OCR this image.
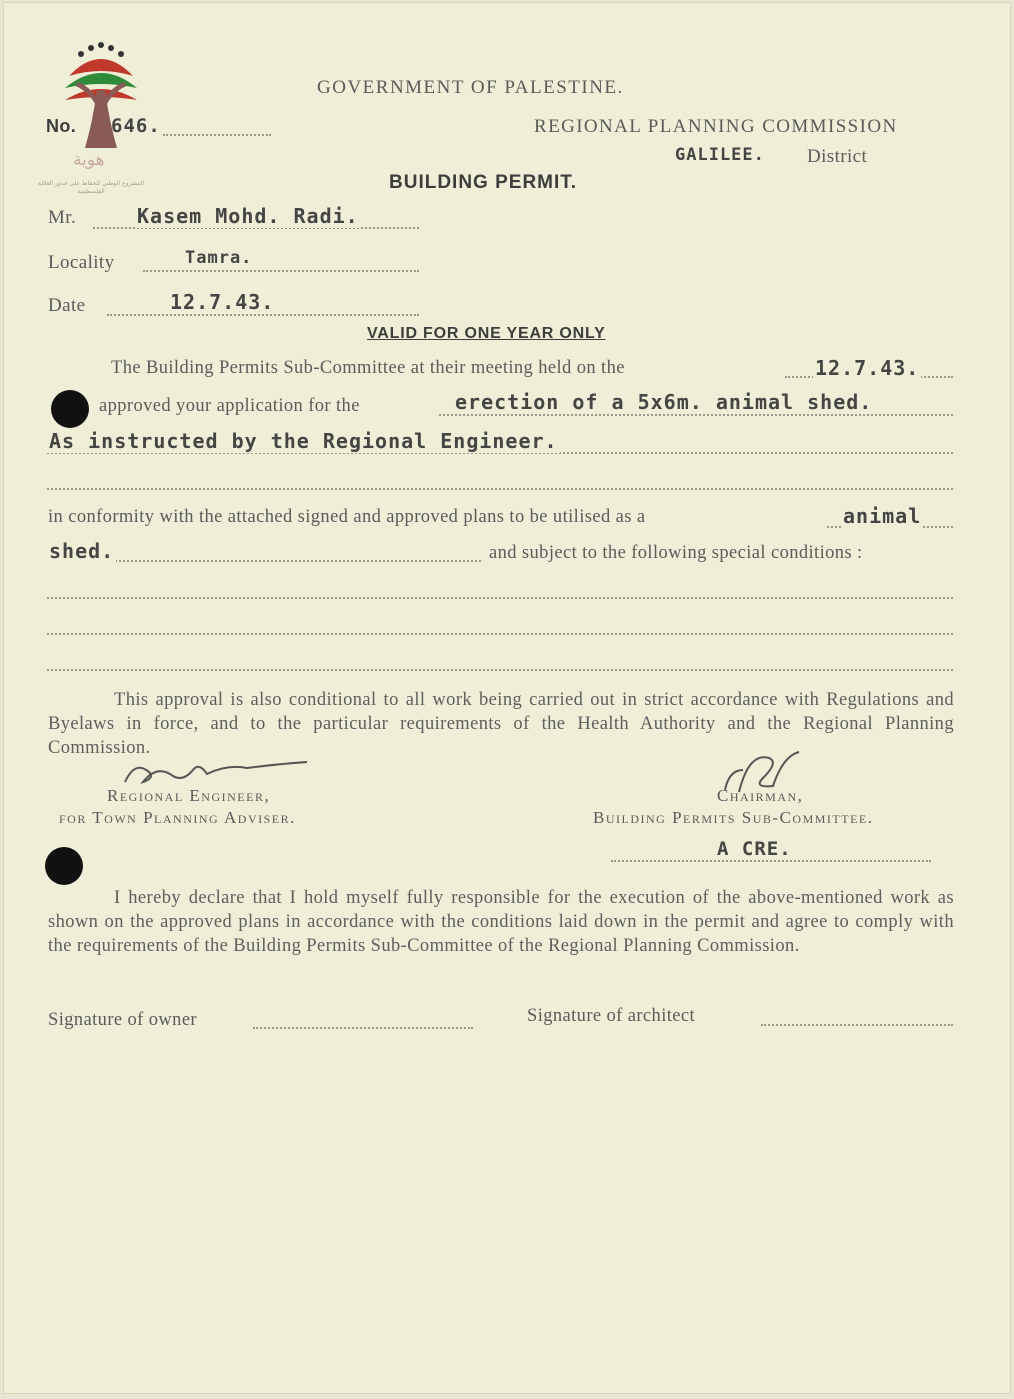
هوية
المشروع الوطني للحفاظ على جذور العائلة الفلسطينية
GOVERNMENT OF PALESTINE.
No. 646.	REGIONAL PLANNING COMMISSION
GALILEE. District
BUILDING PERMIT.
Mr.	Kasem Mohd. Radi.
Locality	Tamra.
Date	12.7.43.
VALID FOR ONE YEAR ONLY
The Building Permits Sub-Committee at their meeting held on the	12.7.43.
approved your application for the	erection of a 5x6m. animal shed.
As instructed by the Regional Engineer.
in conformity with the attached signed and approved plans to be utilised as a	animal
shed.	and subject to the following special conditions :
This approval is also conditional to all work being carried out in strict accordance with Regulations and Byelaws in force, and to the particular requirements of the Health Authority and the Regional Planning Commission.
Regional Engineer,
for Town Planning Adviser.
Chairman,
Building Permits Sub-Committee.
A CRE.
I hereby declare that I hold myself fully responsible for the execution of the above-mentioned work as shown on the approved plans in accordance with the conditions laid down in the permit and agree to comply with the requirements of the Building Permits Sub-Committee of the Regional Planning Commission.
Signature of owner	Signature of architect
